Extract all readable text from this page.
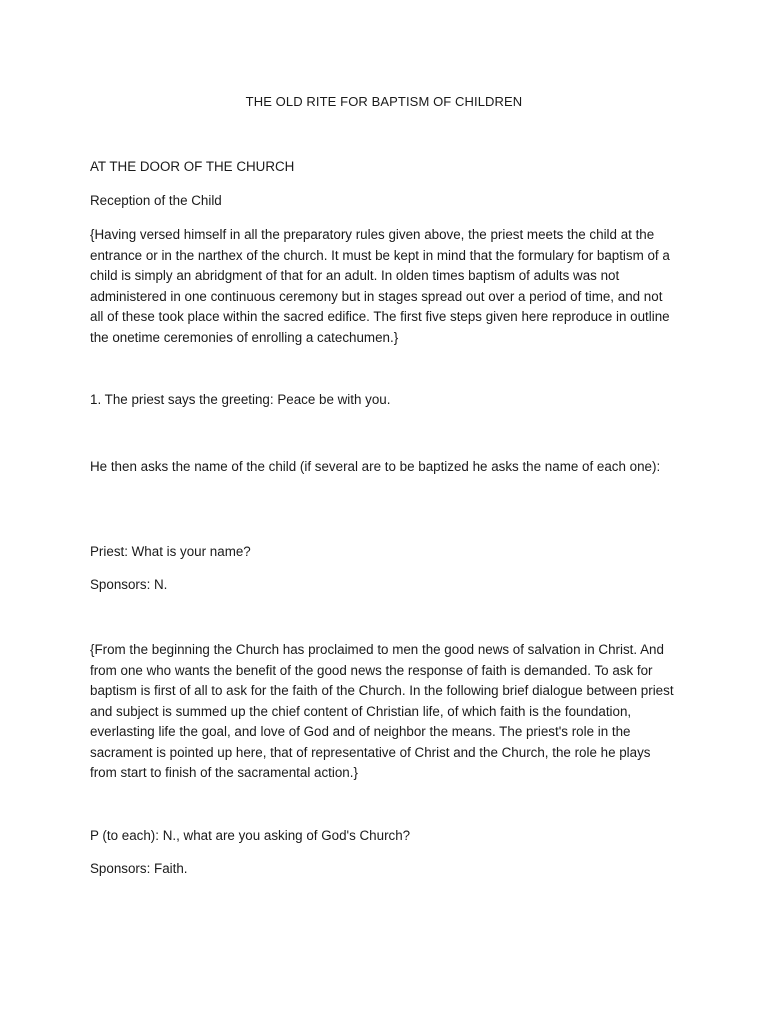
THE OLD RITE FOR BAPTISM OF CHILDREN
AT THE DOOR OF THE CHURCH
Reception of the Child
{Having versed himself in all the preparatory rules given above, the priest meets the child at the entrance or in the narthex of the church. It must be kept in mind that the formulary for baptism of a child is simply an abridgment of that for an adult. In olden times baptism of adults was not administered in one continuous ceremony but in stages spread out over a period of time, and not all of these took place within the sacred edifice. The first five steps given here reproduce in outline the onetime ceremonies of enrolling a catechumen.}
1. The priest says the greeting: Peace be with you.
He then asks the name of the child (if several are to be baptized he asks the name of each one):
Priest: What is your name?
Sponsors: N.
{From the beginning the Church has proclaimed to men the good news of salvation in Christ. And from one who wants the benefit of the good news the response of faith is demanded. To ask for baptism is first of all to ask for the faith of the Church. In the following brief dialogue between priest and subject is summed up the chief content of Christian life, of which faith is the foundation, everlasting life the goal, and love of God and of neighbor the means. The priest's role in the sacrament is pointed up here, that of representative of Christ and the Church, the role he plays from start to finish of the sacramental action.}
P (to each): N., what are you asking of God's Church?
Sponsors: Faith.
